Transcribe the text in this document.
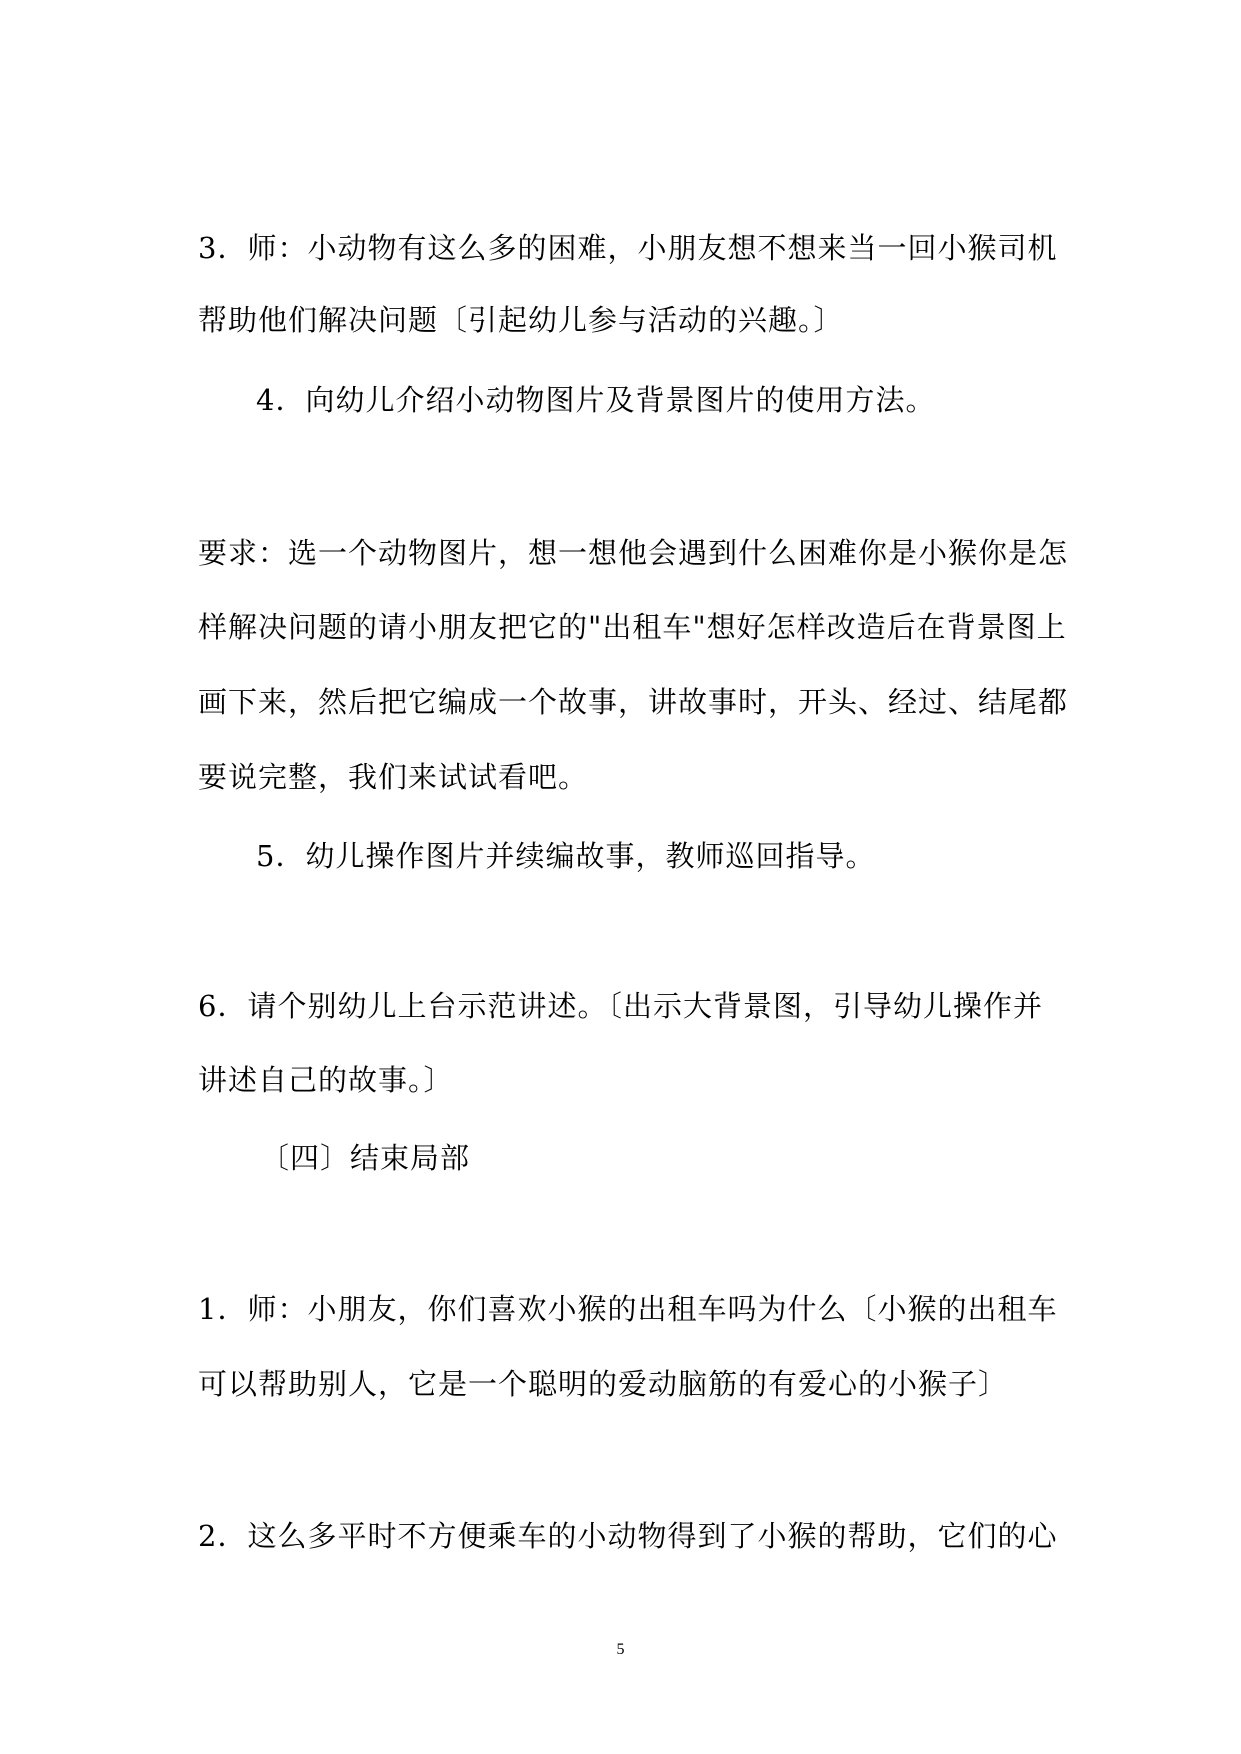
3．师：小动物有这么多的困难，小朋友想不想来当一回小猴司机
帮助他们解决问题〔引起幼儿参与活动的兴趣。〕
4．向幼儿介绍小动物图片及背景图片的使用方法。
要求：选一个动物图片，想一想他会遇到什么困难你是小猴你是怎
样解决问题的请小朋友把它的"出租车"想好怎样改造后在背景图上
画下来，然后把它编成一个故事，讲故事时，开头、经过、结尾都
要说完整，我们来试试看吧。
5．幼儿操作图片并续编故事，教师巡回指导。
6．请个别幼儿上台示范讲述。〔出示大背景图，引导幼儿操作并
讲述自己的故事。〕
〔四〕结束局部
1．师：小朋友，你们喜欢小猴的出租车吗为什么〔小猴的出租车
可以帮助别人，它是一个聪明的爱动脑筋的有爱心的小猴子〕
2．这么多平时不方便乘车的小动物得到了小猴的帮助，它们的心
5
